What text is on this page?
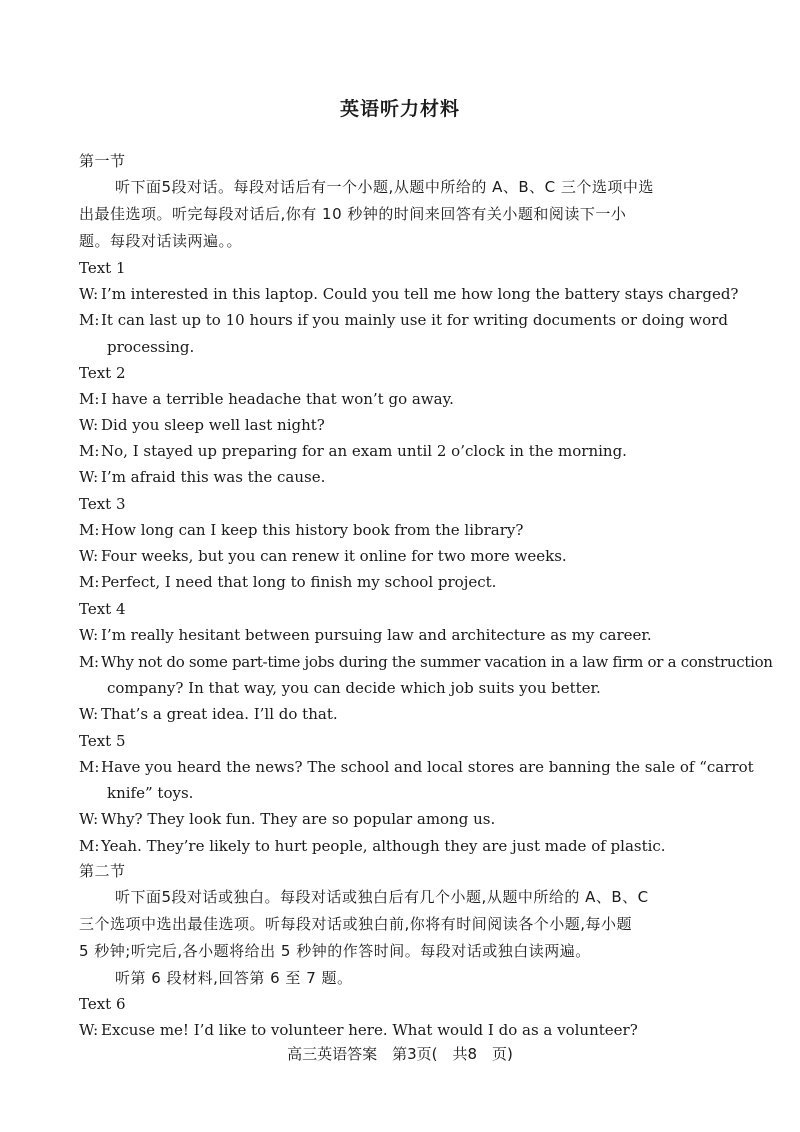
英语听力材料
第一节
听下面5段对话。每段对话后有一个小题,从题中所给的 A、B、C 三个选项中选
出最佳选项。听完每段对话后,你有 10 秒钟的时间来回答有关小题和阅读下一小
题。每段对话读两遍。。
Text 1
W: I’m interested in this laptop. Could you tell me how long the battery stays charged?
M: It can last up to 10 hours if you mainly use it for writing documents or doing word
processing.
Text 2
M: I have a terrible headache that won’t go away.
W: Did you sleep well last night?
M: No, I stayed up preparing for an exam until 2 o’clock in the morning.
W: I’m afraid this was the cause.
Text 3
M: How long can I keep this history book from the library?
W: Four weeks, but you can renew it online for two more weeks.
M: Perfect, I need that long to finish my school project.
Text 4
W: I’m really hesitant between pursuing law and architecture as my career.
M: Why not do some part-time jobs during the summer vacation in a law firm or a construction
company? In that way, you can decide which job suits you better.
W: That’s a great idea. I’ll do that.
Text 5
M: Have you heard the news? The school and local stores are banning the sale of “carrot
knife” toys.
W: Why? They look fun. They are so popular among us.
M: Yeah. They’re likely to hurt people, although they are just made of plastic.
第二节
听下面5段对话或独白。每段对话或独白后有几个小题,从题中所给的 A、B、C
三个选项中选出最佳选项。听每段对话或独白前,你将有时间阅读各个小题,每小题
5 秒钟;听完后,各小题将给出 5 秒钟的作答时间。每段对话或独白读两遍。
听第 6 段材料,回答第 6 至 7 题。
Text 6
W: Excuse me! I’d like to volunteer here. What would I do as a volunteer?
高三英语答案　第3页(　共8　页)
